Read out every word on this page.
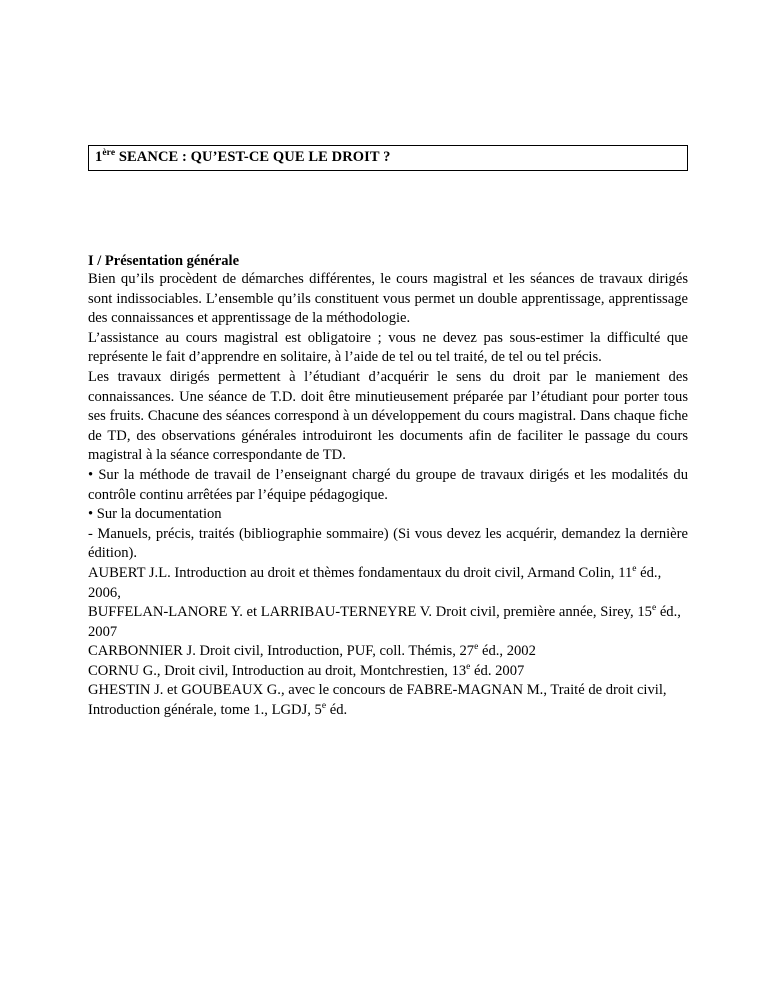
1ère SEANCE : QU’EST-CE QUE LE DROIT ?
I / Présentation générale

Bien qu’ils procèdent de démarches différentes, le cours magistral et les séances de travaux dirigés sont indissociables. L’ensemble qu’ils constituent vous permet un double apprentissage, apprentissage des connaissances et apprentissage de la méthodologie.

L’assistance au cours magistral est obligatoire ; vous ne devez pas sous-estimer la difficulté que représente le fait d’apprendre en solitaire, à l’aide de tel ou tel traité, de tel ou tel précis.

Les travaux dirigés permettent à l’étudiant d’acquérir le sens du droit par le maniement des connaissances. Une séance de T.D. doit être minutieusement préparée par l’étudiant pour porter tous ses fruits. Chacune des séances correspond à un développement du cours magistral. Dans chaque fiche de TD, des observations générales introduiront les documents afin de faciliter le passage du cours magistral à la séance correspondante de TD.

• Sur la méthode de travail de l’enseignant chargé du groupe de travaux dirigés et les modalités du contrôle continu arrêtées par l’équipe pédagogique.

• Sur la documentation

- Manuels, précis, traités (bibliographie sommaire) (Si vous devez les acquérir, demandez la dernière édition).

AUBERT J.L. Introduction au droit et thèmes fondamentaux du droit civil, Armand Colin, 11e éd., 2006,

BUFFELAN-LANORE Y. et LARRIBAU-TERNEYRE V. Droit civil, première année, Sirey, 15e éd., 2007

CARBONNIER J. Droit civil, Introduction, PUF, coll. Thémis, 27e éd., 2002

CORNU G., Droit civil, Introduction au droit, Montchrestien, 13e éd. 2007

GHESTIN J. et GOUBEAUX G., avec le concours de FABRE-MAGNAN M., Traité de droit civil, Introduction générale, tome 1., LGDJ, 5e éd.
